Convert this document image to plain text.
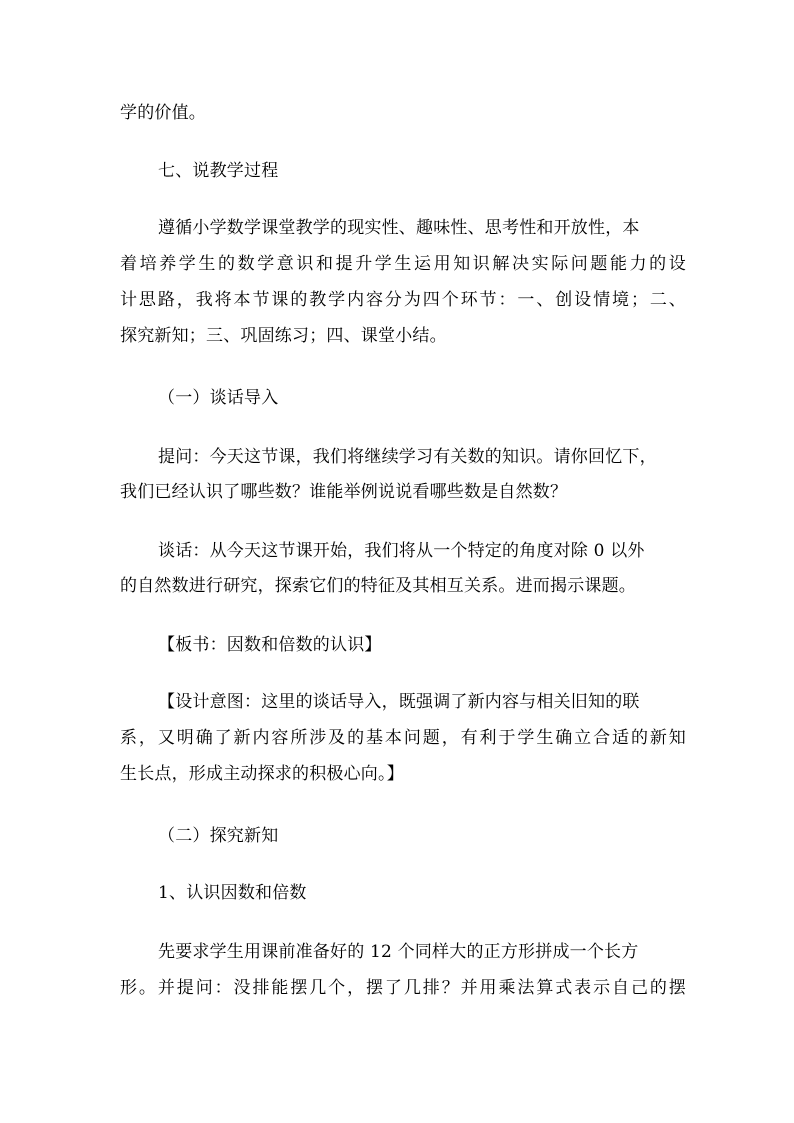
学的价值。
七、说教学过程
遵循小学数学课堂教学的现实性、趣味性、思考性和开放性，本
着培养学生的数学意识和提升学生运用知识解决实际问题能力的设
计思路，我将本节课的教学内容分为四个环节：一、创设情境；二、
探究新知；三、巩固练习；四、课堂小结。
（一）谈话导入
提问：今天这节课，我们将继续学习有关数的知识。请你回忆下，
我们已经认识了哪些数？谁能举例说说看哪些数是自然数？
谈话：从今天这节课开始，我们将从一个特定的角度对除 0 以外
的自然数进行研究，探索它们的特征及其相互关系。进而揭示课题。
【板书：因数和倍数的认识】
【设计意图：这里的谈话导入，既强调了新内容与相关旧知的联
系，又明确了新内容所涉及的基本问题，有利于学生确立合适的新知
生长点，形成主动探求的积极心向。】
（二）探究新知
1、认识因数和倍数
先要求学生用课前准备好的 12 个同样大的正方形拼成一个长方
形。并提问：没排能摆几个，摆了几排？并用乘法算式表示自己的摆
